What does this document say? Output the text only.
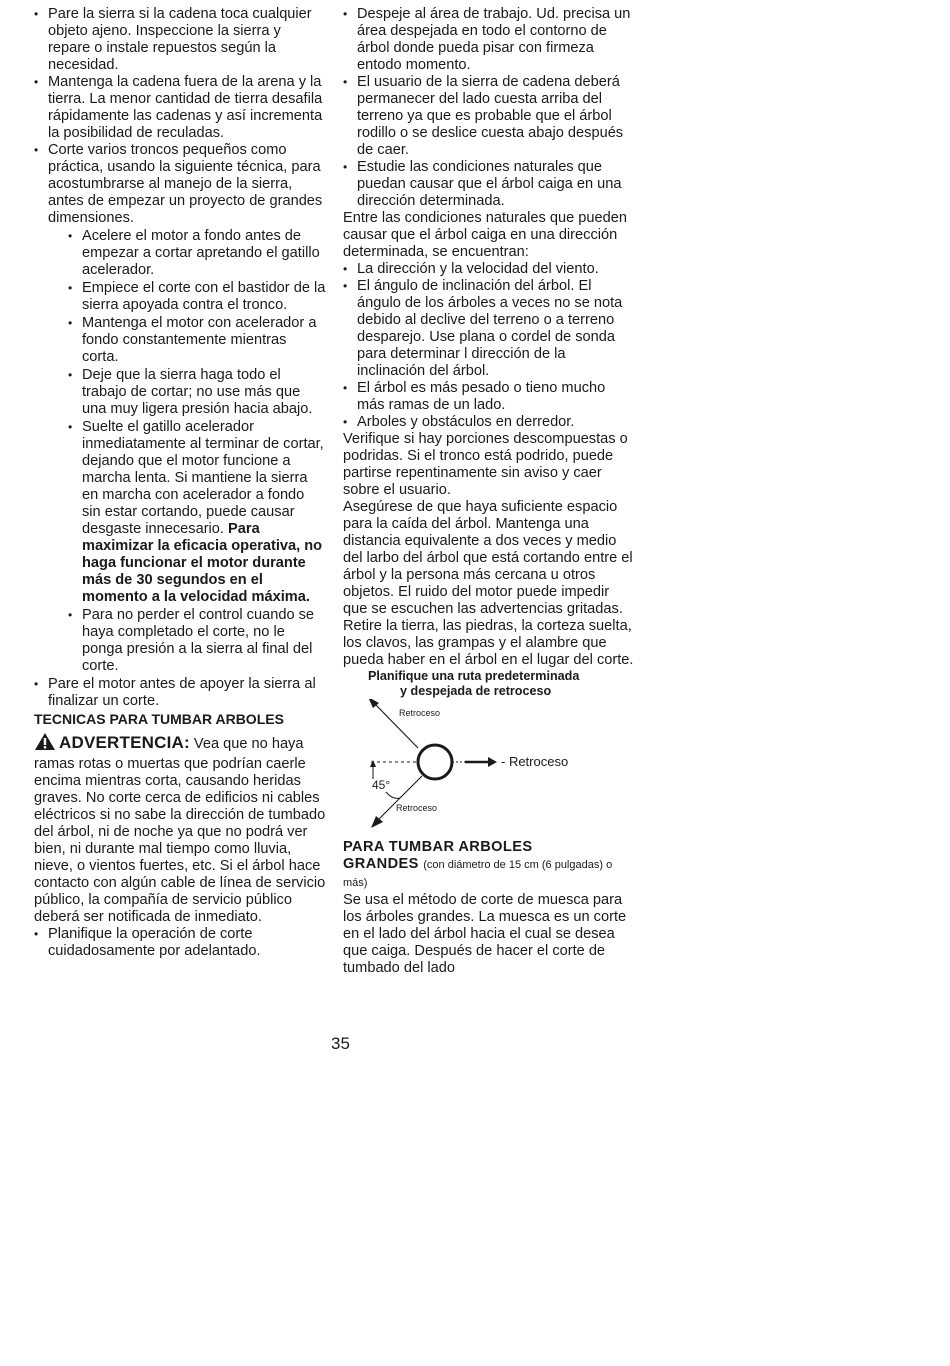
• Pare la sierra si la cadena toca cualquier objeto ajeno. Inspeccione la sierra y repare o instale repuestos según la necesidad.
• Mantenga la cadena fuera de la arena y la tierra. La menor cantidad de tierra desafila rápidamente las cadenas y así incrementa la posibilidad de reculadas.
• Corte varios troncos pequeños como práctica, usando la siguiente técnica, para acostumbrarse al manejo de la sierra, antes de empezar un proyecto de grandes dimensiones.
• Acelere el motor a fondo antes de empezar a cortar apretando el gatillo acelerador.
• Empiece el corte con el bastidor de la sierra apoyada contra el tronco.
• Mantenga el motor con acelerador a fondo constantemente mientras corta.
• Deje que la sierra haga todo el trabajo de cortar; no use más que una muy ligera presión hacia abajo.
• Suelte el gatillo acelerador inmediatamente al terminar de cortar, dejando que el motor funcione a marcha lenta. Si mantiene la sierra en marcha con acelerador a fondo sin estar cortando, puede causar desgaste innecesario. Para maximizar la eficacia operativa, no haga funcionar el motor durante más de 30 segundos en el momento a la velocidad máxima.
• Para no perder el control cuando se haya completado el corte, no le ponga presión a la sierra al final del corte.
• Pare el motor antes de apoyer la sierra al finalizar un corte.
TECNICAS PARA TUMBAR ARBOLES
ADVERTENCIA: Vea que no haya ramas rotas o muertas que podrían caerle encima mientras corta, causando heridas graves. No corte cerca de edificios ni cables eléctricos si no sabe la dirección de tumbado del árbol, ni de noche ya que no podrá ver bien, ni durante mal tiempo como lluvia, nieve, o vientos fuertes, etc. Si el árbol hace contacto con algún cable de línea de servicio público, la compañía de servicio público deberá ser notificada de inmediato.
• Planifique la operación de corte cuidadosamente por adelantado.
• Despeje al área de trabajo. Ud. precisa un área despejada en todo el contorno de árbol donde pueda pisar con firmeza entodo momento.
• El usuario de la sierra de cadena deberá permanecer del lado cuesta arriba del terreno ya que es probable que el árbol rodillo o se deslice cuesta abajo después de caer.
• Estudie las condiciones naturales que puedan causar que el árbol caiga en una dirección determinada.

Entre las condiciones naturales que pueden causar que el árbol caiga en una dirección determinada, se encuentran:

• La dirección y la velocidad del viento.
• El ángulo de inclinación del árbol. El ángulo de los árboles a veces no se nota debido al declive del terreno o a terreno desparejo. Use plana o cordel de sonda para determinar l dirección de la inclinación del árbol.
• El árbol es más pesado o tieno mucho más ramas de un lado.
• Arboles y obstáculos en derredor.

Verifique si hay porciones descompuestas o podridas. Si el tronco está podrido, puede partirse repentinamente sin aviso y caer sobre el usuario.

Asegúrese de que haya suficiente espacio para la caída del árbol. Mantenga una distancia equivalente a dos veces y medio del larbo del árbol que está cortando entre el árbol y la persona más cercana u otros objetos. El ruido del motor puede impedir que se escuchen las advertencias gritadas.

Retire la tierra, las piedras, la corteza suelta, los clavos, las grampas y el alambre que pueda haber en el árbol en el lugar del corte.

Planifique una ruta predeterminada
y despejada de retroceso
Retroceso
- Retroceso
45°
Retroceso
PARA TUMBAR ARBOLES
GRANDES (con diámetro de 15 cm (6 pulgadas) o más)

Se usa el método de corte de muesca para los árboles grandes. La muesca es un corte en el lado del árbol hacia el cual se desea que caiga. Después de hacer el corte de tumbado del lado

35
